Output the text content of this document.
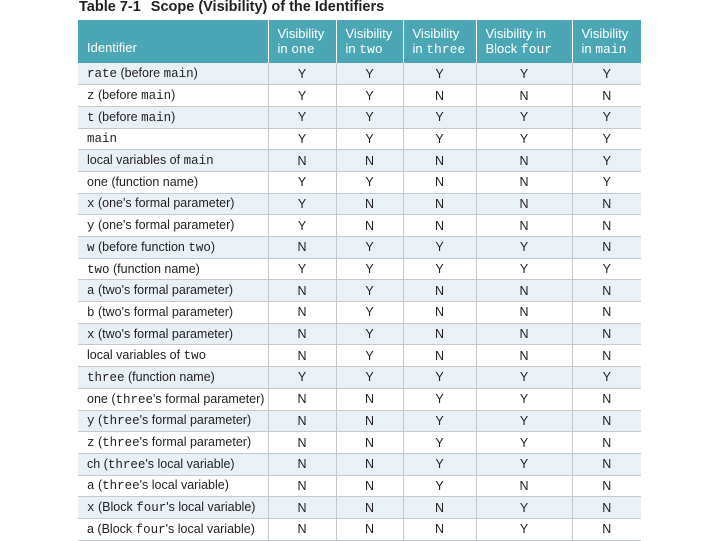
Table 7-1 Scope (Visibility) of the Identifiers
Identifier	Visibility in one	Visibility in two	Visibility in three	Visibility in Block four	Visibility in main
rate (before main)	Y	Y	Y	Y	Y
z (before main)	Y	Y	N	N	N
t (before main)	Y	Y	Y	Y	Y
main	Y	Y	Y	Y	Y
local variables of main	N	N	N	N	Y
one (function name)	Y	Y	N	N	Y
x (one's formal parameter)	Y	N	N	N	N
y (one's formal parameter)	Y	N	N	N	N
w (before function two)	N	Y	Y	Y	N
two (function name)	Y	Y	Y	Y	Y
a (two's formal parameter)	N	Y	N	N	N
b (two's formal parameter)	N	Y	N	N	N
x (two's formal parameter)	N	Y	N	N	N
local variables of two	N	Y	N	N	N
three (function name)	Y	Y	Y	Y	Y
one (three's formal parameter)	N	N	Y	Y	N
y (three's formal parameter)	N	N	Y	Y	N
z (three's formal parameter)	N	N	Y	Y	N
ch (three's local variable)	N	N	Y	Y	N
a (three's local variable)	N	N	Y	N	N
x (Block four's local variable)	N	N	N	Y	N
a (Block four's local variable)	N	N	N	Y	N
